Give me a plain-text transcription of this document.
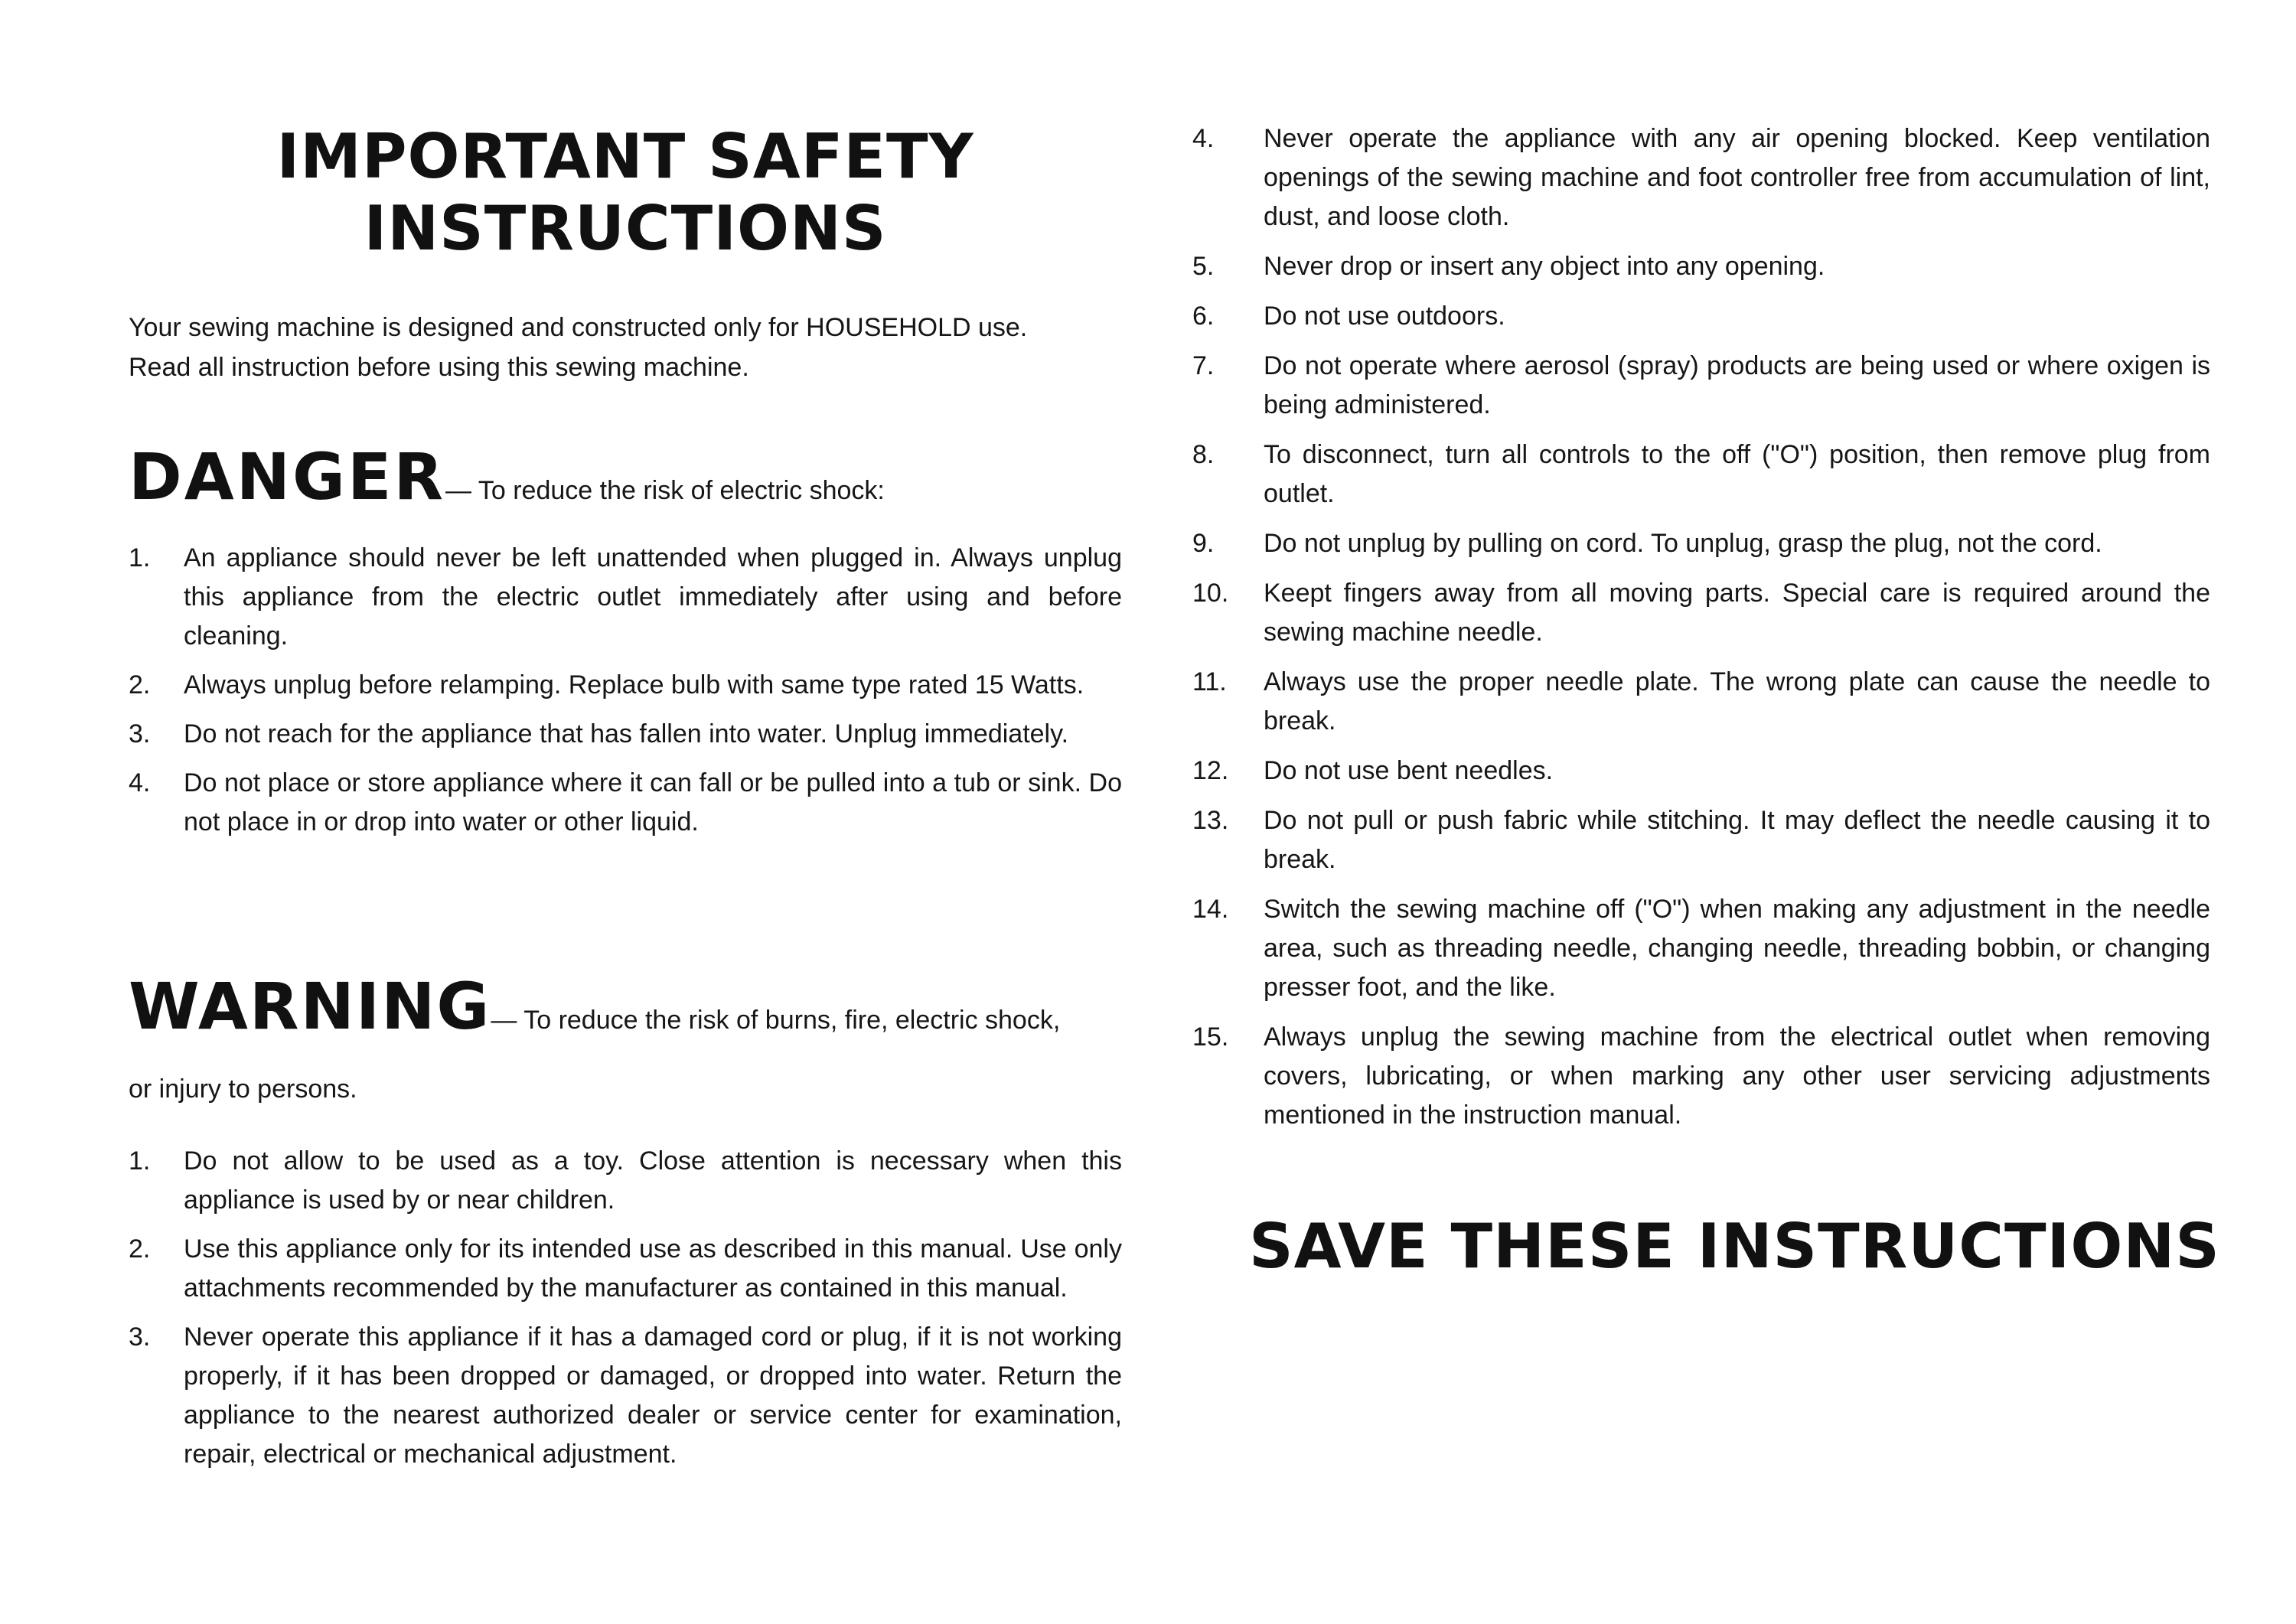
IMPORTANT SAFETY
INSTRUCTIONS

Your sewing machine is designed and constructed only for HOUSEHOLD use.
Read all instruction before using this sewing machine.

DANGER— To reduce the risk of electric shock:

1.	An appliance should never be left unattended when plugged in. Always unplug this appliance from the electric outlet immediately after using and before cleaning.
2.	Always unplug before relamping. Replace bulb with same type rated 15 Watts.
3.	Do not reach for the appliance that has fallen into water. Unplug immediately.
4.	Do not place or store appliance where it can fall or be pulled into a tub or sink. Do not place in or drop into water or other liquid.

WARNING— To reduce the risk of burns, fire, electric shock,

or injury to persons.

1.	Do not allow to be used as a toy. Close attention is necessary when this appliance is used by or near children.
2.	Use this appliance only for its intended use as described in this manual. Use only attachments recommended by the manufacturer as contained in this manual.
3.	Never operate this appliance if it has a damaged cord or plug, if it is not working properly, if it has been dropped or damaged, or dropped into water. Return the appliance to the nearest authorized dealer or service center for examination, repair, electrical or mechanical adjustment.
4.	Never operate the appliance with any air opening blocked. Keep ventilation openings of the sewing machine and foot controller free from accumulation of lint, dust, and loose cloth.
5.	Never drop or insert any object into any opening.
6.	Do not use outdoors.
7.	Do not operate where aerosol (spray) products are being used or where oxigen is being administered.
8.	To disconnect, turn all controls to the off ("O") position, then remove plug from outlet.
9.	Do not unplug by pulling on cord. To unplug, grasp the plug, not the cord.
10.	Keept fingers away from all moving parts. Special care is required around the sewing machine needle.
11.	Always use the proper needle plate. The wrong plate can cause the needle to break.
12.	Do not use bent needles.
13.	Do not pull or push fabric while stitching. It may deflect the needle causing it to break.
14.	Switch the sewing machine off ("O") when making any adjustment in the needle area, such as threading needle, changing needle, threading bobbin, or changing presser foot, and the like.
15.	Always unplug the sewing machine from the electrical outlet when removing covers, lubricating, or when marking any other user servicing adjustments mentioned in the instruction manual.
SAVE THESE INSTRUCTIONS
